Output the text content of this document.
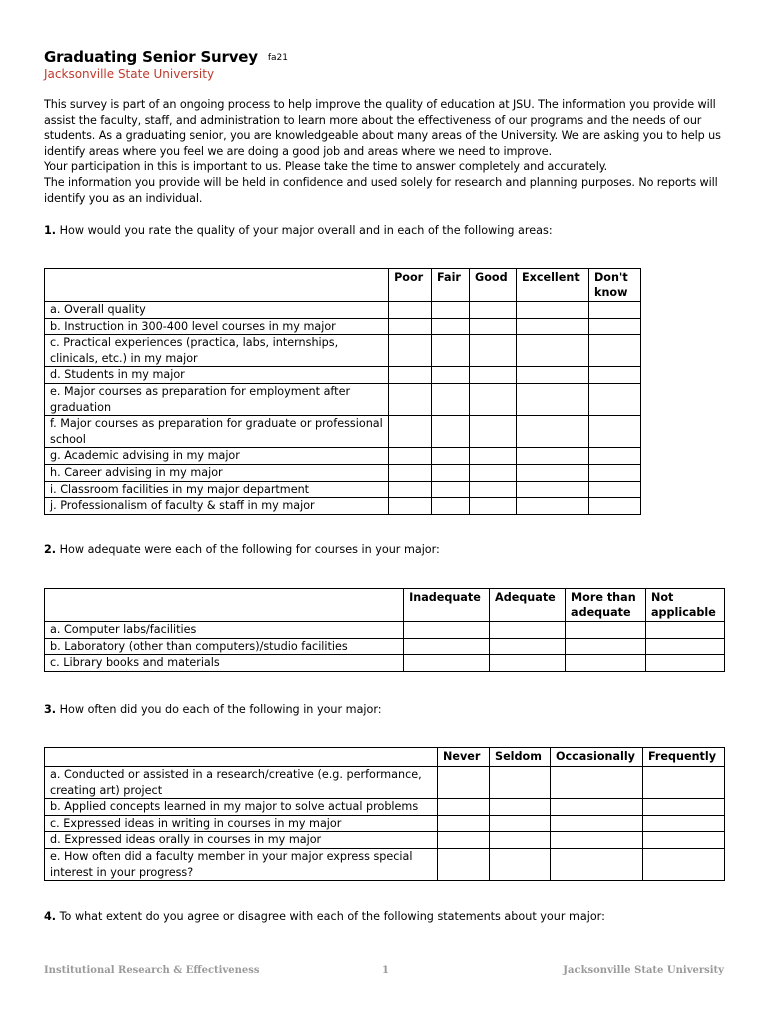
Graduating Senior Survey fa21
Jacksonville State University

This survey is part of an ongoing process to help improve the quality of education at JSU. The information you provide will assist the faculty, staff, and administration to learn more about the effectiveness of our programs and the needs of our students. As a graduating senior, you are knowledgeable about many areas of the University. We are asking you to help us identify areas where you feel we are doing a good job and areas where we need to improve.

Your participation in this is important to us. Please take the time to answer completely and accurately.

The information you provide will be held in confidence and used solely for research and planning purposes. No reports will identify you as an individual.

1. How would you rate the quality of your major overall and in each of the following areas:
	Poor	Fair	Good	Excellent	Don't know
a. Overall quality					
b. Instruction in 300-400 level courses in my major					
c. Practical experiences (practica, labs, internships, clinicals, etc.) in my major					
d. Students in my major					
e. Major courses as preparation for employment after graduation					
f. Major courses as preparation for graduate or professional school					
g. Academic advising in my major					
h. Career advising in my major					
i. Classroom facilities in my major department					
j. Professionalism of faculty & staff in my major					
2. How adequate were each of the following for courses in your major:
	Inadequate	Adequate	More than adequate	Not applicable
a. Computer labs/facilities				
b. Laboratory (other than computers)/studio facilities				
c. Library books and materials				
3. How often did you do each of the following in your major:
	Never	Seldom	Occasionally	Frequently
a. Conducted or assisted in a research/creative (e.g. performance, creating art) project				
b. Applied concepts learned in my major to solve actual problems				
c. Expressed ideas in writing in courses in my major				
d. Expressed ideas orally in courses in my major				
e. How often did a faculty member in your major express special interest in your progress?				
4. To what extent do you agree or disagree with each of the following statements about your major:
Institutional Research & Effectiveness	1	Jacksonville State University
